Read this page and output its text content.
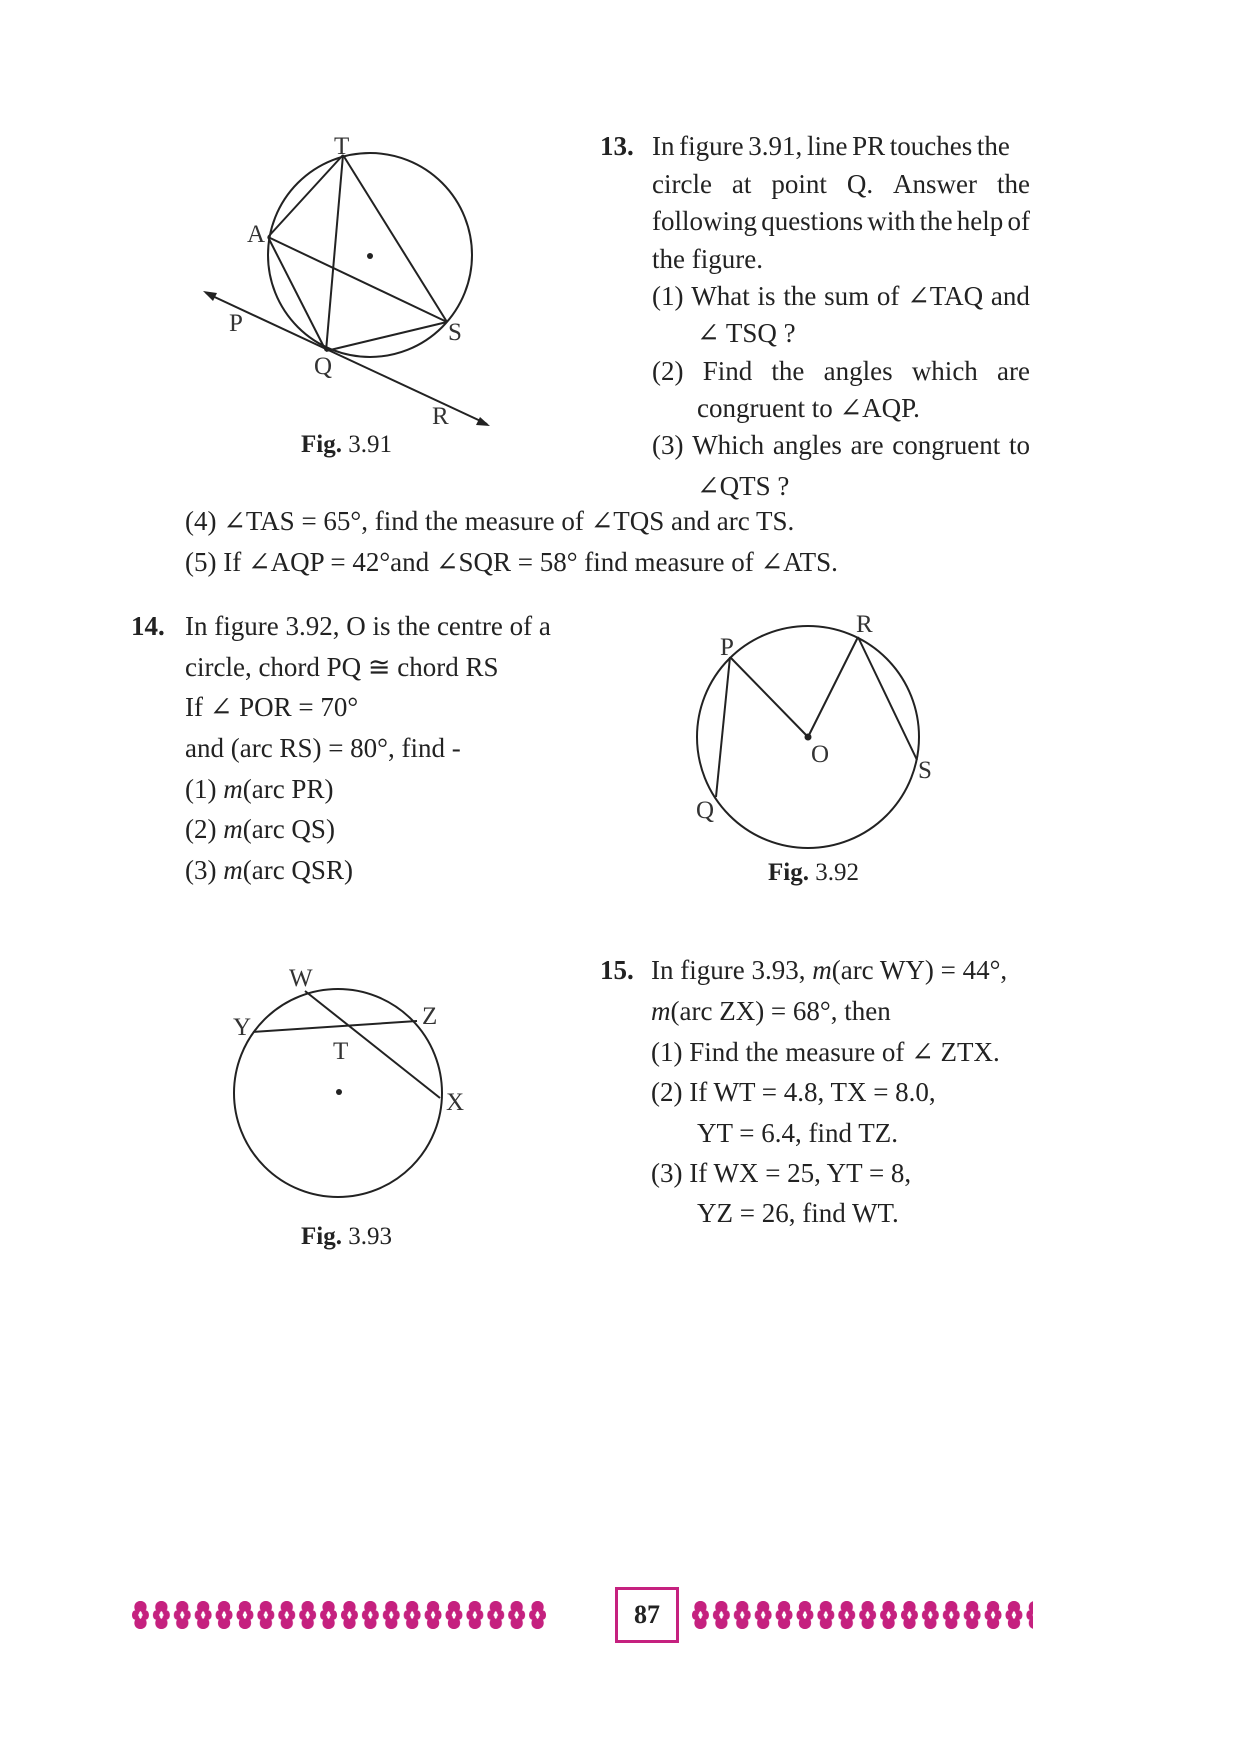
T
A
P	S
Q
R
Fig. 3.91
13. In figure 3.91, line PR touches the
circle at point Q. Answer the
following questions with the help of
the figure.
(1) What is the sum of ∠TAQ and
∠ TSQ ?
(2) Find the angles which are
congruent to ∠AQP.
(3) Which angles are congruent to
∠QTS ?
(4) ∠TAS = 65°, find the measure of ∠TQS and arc TS.
(5) If ∠AQP = 42°and ∠SQR = 58° find measure of ∠ATS.
14. In figure 3.92, O is the centre of a
circle, chord PQ ≅ chord RS
If ∠ POR = 70°
and (arc RS) = 80°, find -
(1) m(arc PR)
(2) m(arc QS)
(3) m(arc QSR)
P
R
O
S
Q
Fig. 3.92
W
Y	Z
T
X
Fig. 3.93
15. In figure 3.93, m(arc WY) = 44°,
m(arc ZX) = 68°, then
(1) Find the measure of ∠ ZTX.
(2) If WT = 4.8, TX = 8.0,
YT = 6.4, find TZ.
(3) If WX = 25, YT = 8,
YZ = 26, find WT.
87
